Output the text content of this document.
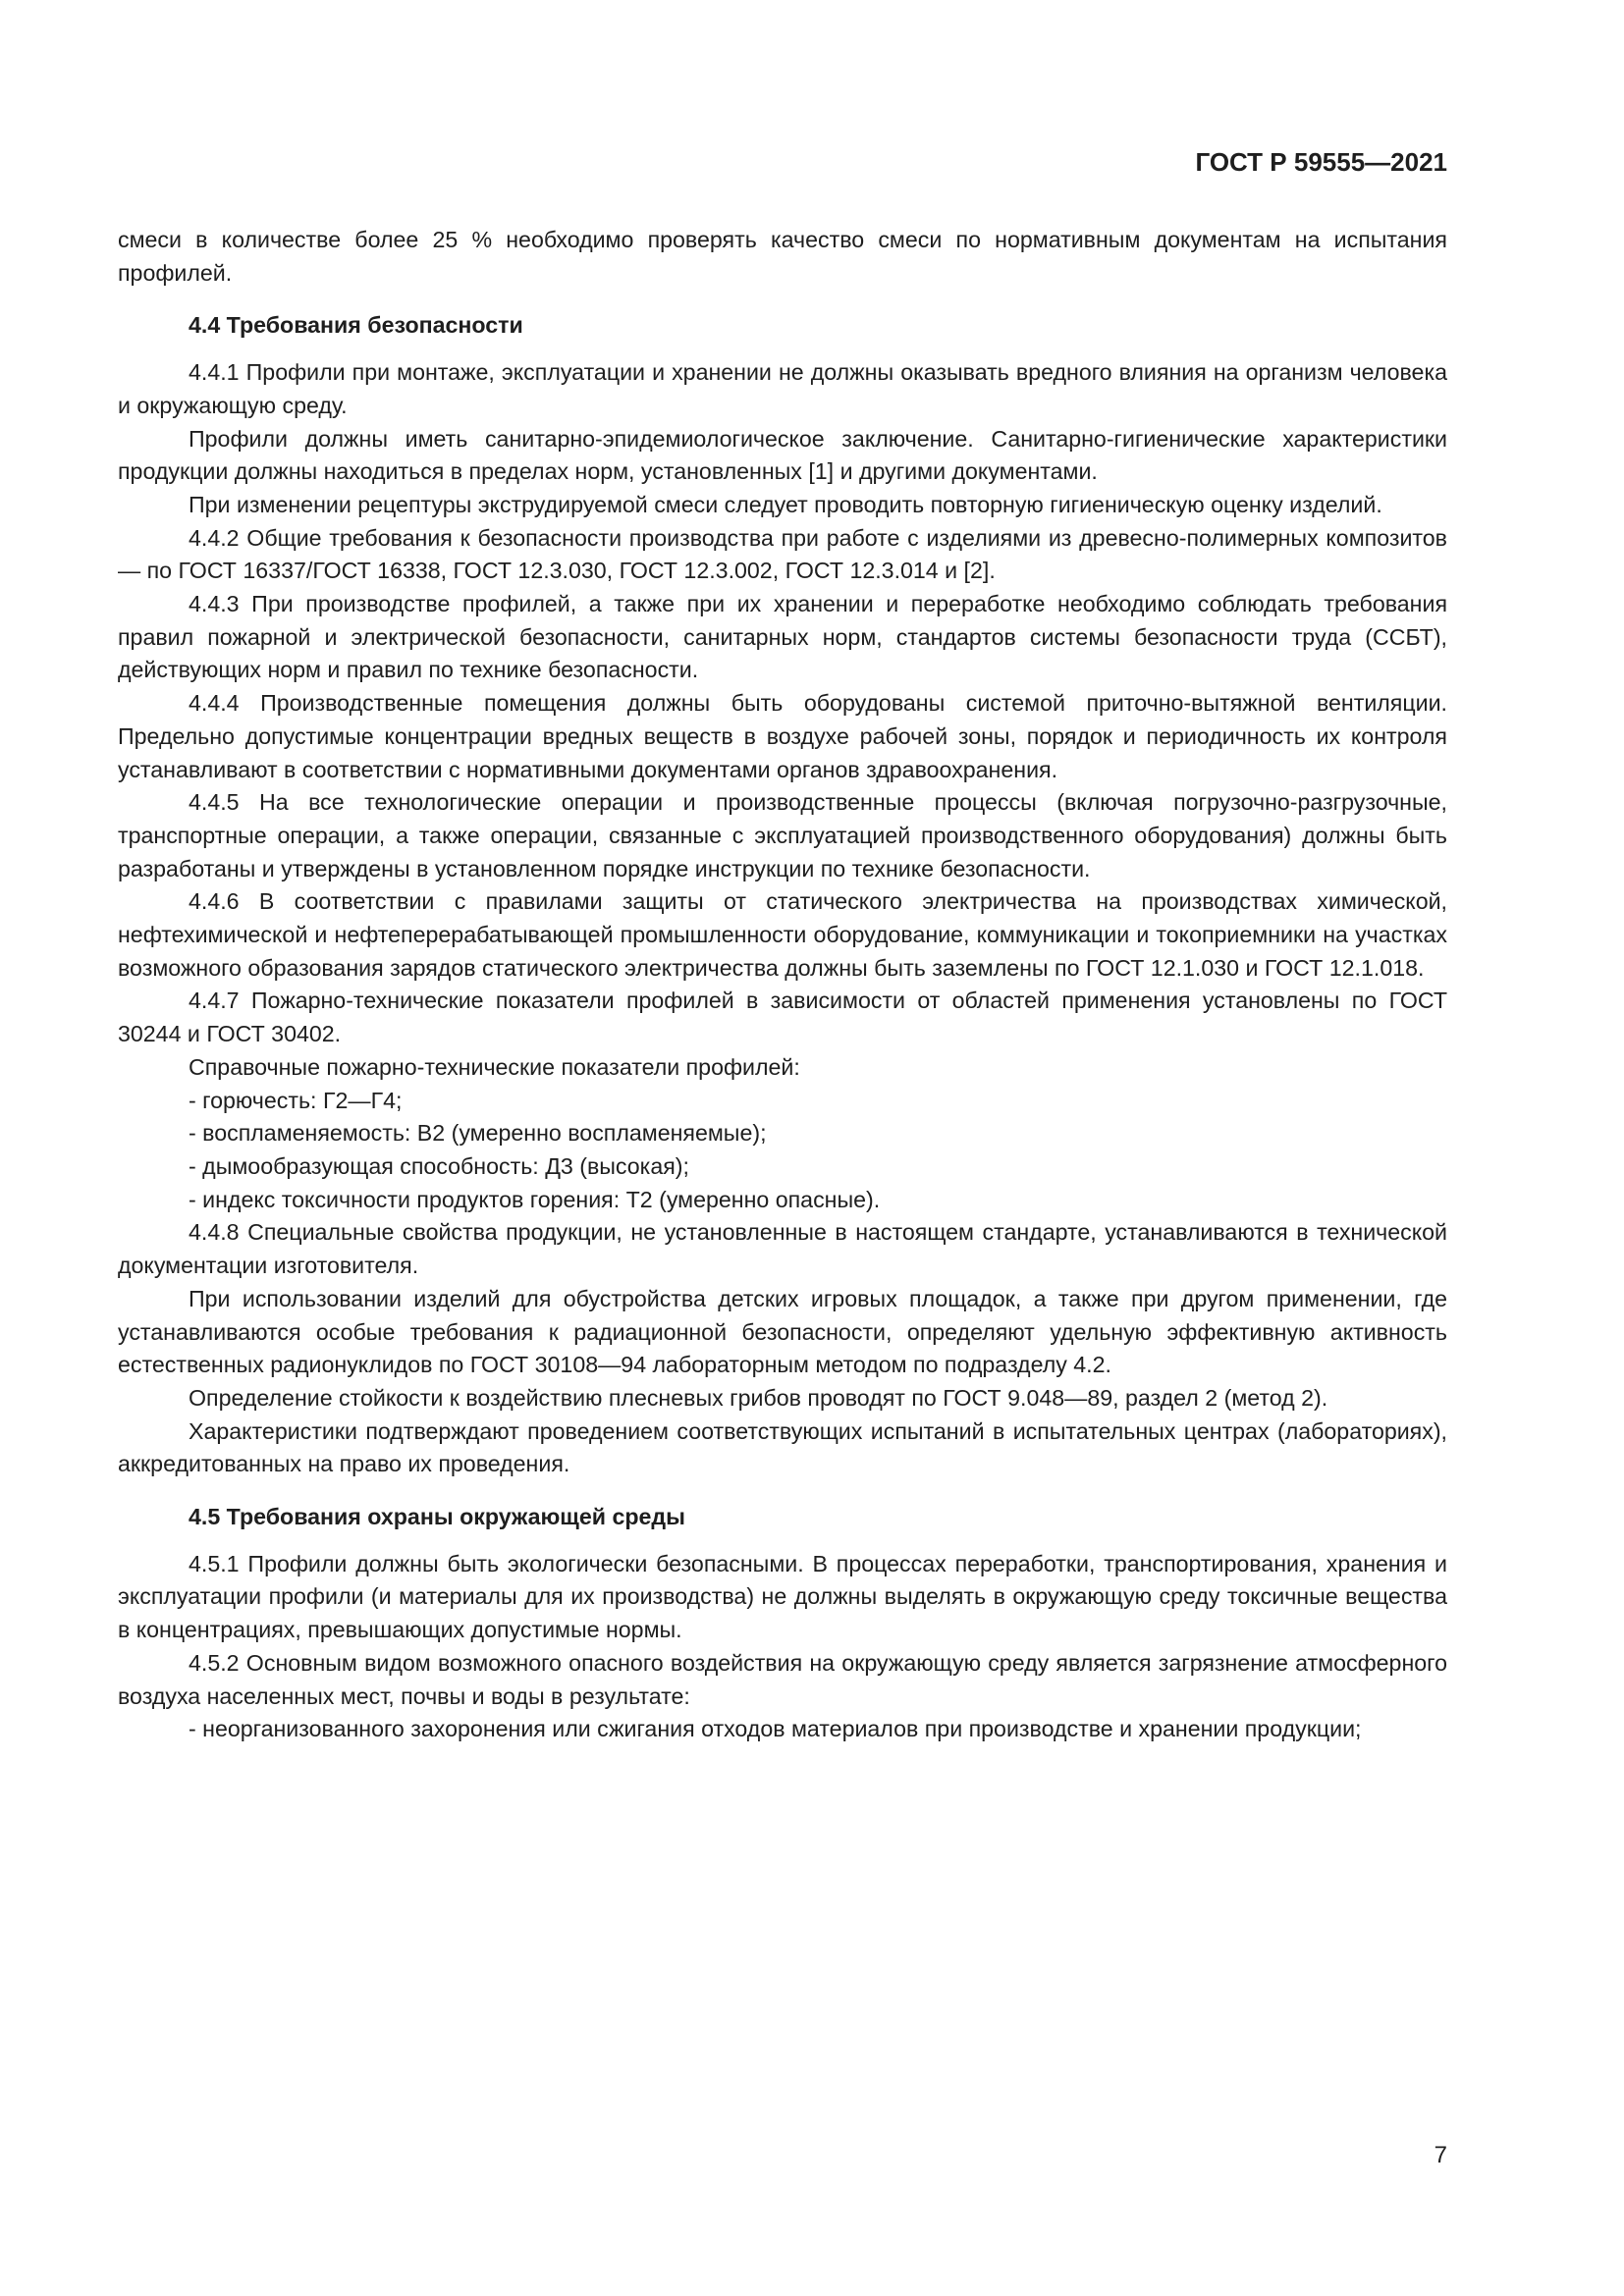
ГОСТ Р 59555—2021

смеси в количестве более 25 % необходимо проверять качество смеси по нормативным документам на испытания профилей.

4.4 Требования безопасности

4.4.1 Профили при монтаже, эксплуатации и хранении не должны оказывать вредного влияния на организм человека и окружающую среду.

Профили должны иметь санитарно-эпидемиологическое заключение. Санитарно-гигиенические характеристики продукции должны находиться в пределах норм, установленных [1] и другими документами.

При изменении рецептуры экструдируемой смеси следует проводить повторную гигиеническую оценку изделий.

4.4.2 Общие требования к безопасности производства при работе с изделиями из древесно-полимерных композитов — по ГОСТ 16337/ГОСТ 16338, ГОСТ 12.3.030, ГОСТ 12.3.002, ГОСТ 12.3.014 и [2].

4.4.3 При производстве профилей, а также при их хранении и переработке необходимо соблюдать требования правил пожарной и электрической безопасности, санитарных норм, стандартов системы безопасности труда (ССБТ), действующих норм и правил по технике безопасности.

4.4.4 Производственные помещения должны быть оборудованы системой приточно-вытяжной вентиляции. Предельно допустимые концентрации вредных веществ в воздухе рабочей зоны, порядок и периодичность их контроля устанавливают в соответствии с нормативными документами органов здравоохранения.

4.4.5 На все технологические операции и производственные процессы (включая погрузочно-разгрузочные, транспортные операции, а также операции, связанные с эксплуатацией производственного оборудования) должны быть разработаны и утверждены в установленном порядке инструкции по технике безопасности.

4.4.6 В соответствии с правилами защиты от статического электричества на производствах химической, нефтехимической и нефтеперерабатывающей промышленности оборудование, коммуникации и токоприемники на участках возможного образования зарядов статического электричества должны быть заземлены по ГОСТ 12.1.030 и ГОСТ 12.1.018.

4.4.7 Пожарно-технические показатели профилей в зависимости от областей применения установлены по ГОСТ 30244 и ГОСТ 30402.

Справочные пожарно-технические показатели профилей:

- горючесть: Г2—Г4;

- воспламеняемость: В2 (умеренно воспламеняемые);

- дымообразующая способность: Д3 (высокая);

- индекс токсичности продуктов горения: Т2 (умеренно опасные).

4.4.8 Специальные свойства продукции, не установленные в настоящем стандарте, устанавливаются в технической документации изготовителя.

При использовании изделий для обустройства детских игровых площадок, а также при другом применении, где устанавливаются особые требования к радиационной безопасности, определяют удельную эффективную активность естественных радионуклидов по ГОСТ 30108—94 лабораторным методом по подразделу 4.2.

Определение стойкости к воздействию плесневых грибов проводят по ГОСТ 9.048—89, раздел 2 (метод 2).

Характеристики подтверждают проведением соответствующих испытаний в испытательных центрах (лабораториях), аккредитованных на право их проведения.

4.5 Требования охраны окружающей среды

4.5.1 Профили должны быть экологически безопасными. В процессах переработки, транспортирования, хранения и эксплуатации профили (и материалы для их производства) не должны выделять в окружающую среду токсичные вещества в концентрациях, превышающих допустимые нормы.

4.5.2 Основным видом возможного опасного воздействия на окружающую среду является загрязнение атмосферного воздуха населенных мест, почвы и воды в результате:

- неорганизованного захоронения или сжигания отходов материалов при производстве и хранении продукции;

7
